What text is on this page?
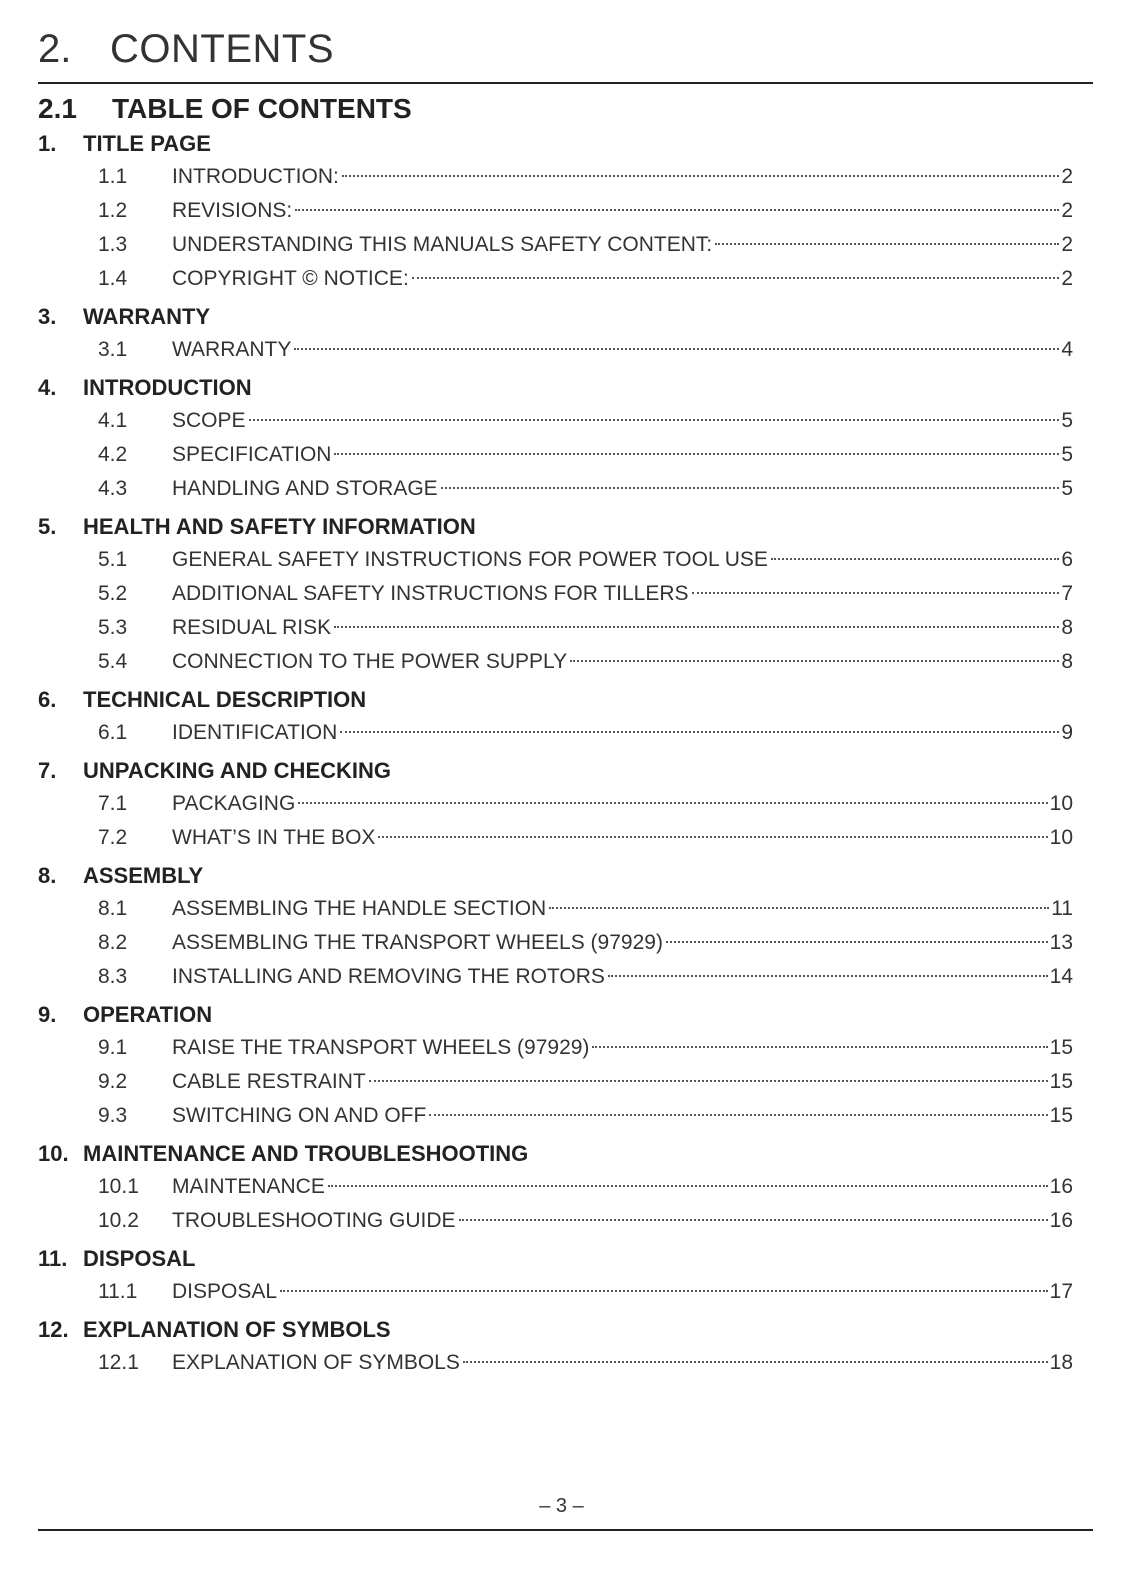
2. CONTENTS
2.1 TABLE OF CONTENTS
1. TITLE PAGE
1.1 INTRODUCTION:	2
1.2 REVISIONS:	2
1.3 UNDERSTANDING THIS MANUALS SAFETY CONTENT:	2
1.4 COPYRIGHT © NOTICE:	2
3. WARRANTY
3.1 WARRANTY	4
4. INTRODUCTION
4.1 SCOPE	5
4.2 SPECIFICATION	5
4.3 HANDLING AND STORAGE	5
5. HEALTH AND SAFETY INFORMATION
5.1 GENERAL SAFETY INSTRUCTIONS FOR POWER TOOL USE	6
5.2 ADDITIONAL SAFETY INSTRUCTIONS FOR TILLERS	7
5.3 RESIDUAL RISK	8
5.4 CONNECTION TO THE POWER SUPPLY	8
6. TECHNICAL DESCRIPTION
6.1 IDENTIFICATION	9
7. UNPACKING AND CHECKING
7.1 PACKAGING	10
7.2 WHAT’S IN THE BOX	10
8. ASSEMBLY
8.1 ASSEMBLING THE HANDLE SECTION	11
8.2 ASSEMBLING THE TRANSPORT WHEELS (97929)	13
8.3 INSTALLING AND REMOVING THE ROTORS	14
9. OPERATION
9.1 RAISE THE TRANSPORT WHEELS (97929)	15
9.2 CABLE RESTRAINT	15
9.3 SWITCHING ON AND OFF	15
10. MAINTENANCE AND TROUBLESHOOTING
10.1 MAINTENANCE	16
10.2 TROUBLESHOOTING GUIDE	16
11. DISPOSAL
11.1 DISPOSAL	17
12. EXPLANATION OF SYMBOLS
12.1 EXPLANATION OF SYMBOLS	18
– 3 –
